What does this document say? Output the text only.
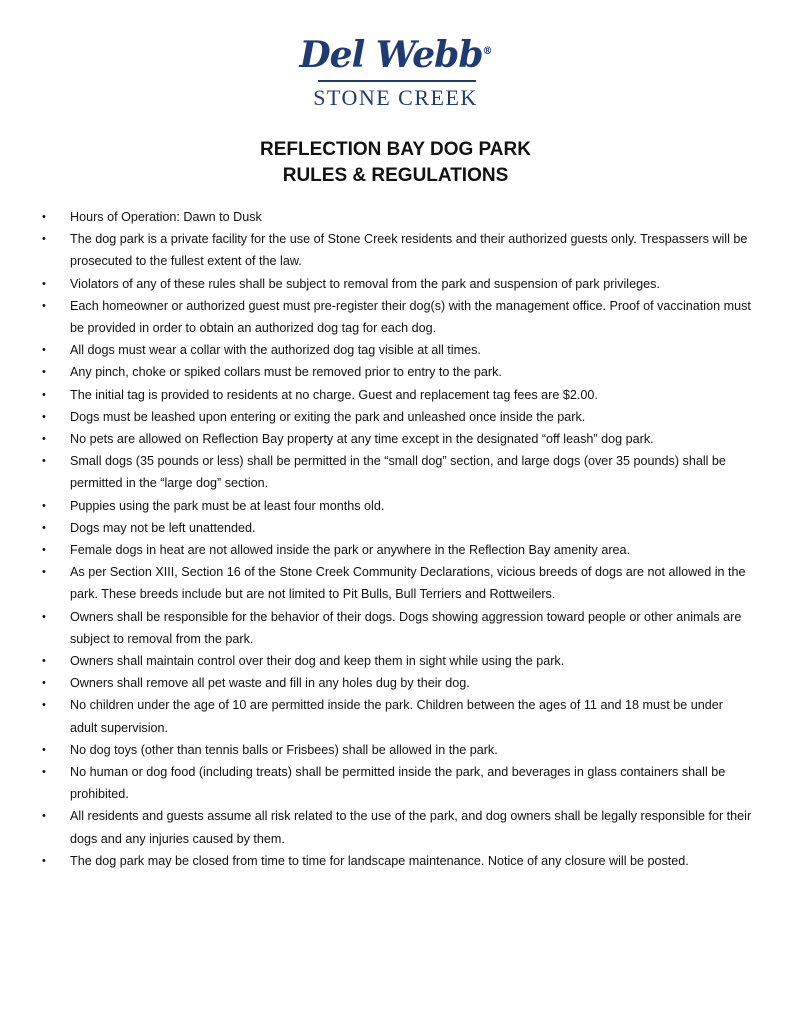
Del Webb®
STONE CREEK
REFLECTION BAY DOG PARK
RULES & REGULATIONS
• Hours of Operation: Dawn to Dusk
• The dog park is a private facility for the use of Stone Creek residents and their authorized guests only. Trespassers will be prosecuted to the fullest extent of the law.
• Violators of any of these rules shall be subject to removal from the park and suspension of park privileges.
• Each homeowner or authorized guest must pre-register their dog(s) with the management office. Proof of vaccination must be provided in order to obtain an authorized dog tag for each dog.
• All dogs must wear a collar with the authorized dog tag visible at all times.
• Any pinch, choke or spiked collars must be removed prior to entry to the park.
• The initial tag is provided to residents at no charge. Guest and replacement tag fees are $2.00.
• Dogs must be leashed upon entering or exiting the park and unleashed once inside the park.
• No pets are allowed on Reflection Bay property at any time except in the designated “off leash” dog park.
• Small dogs (35 pounds or less) shall be permitted in the “small dog” section, and large dogs (over 35 pounds) shall be permitted in the “large dog” section.
• Puppies using the park must be at least four months old.
• Dogs may not be left unattended.
• Female dogs in heat are not allowed inside the park or anywhere in the Reflection Bay amenity area.
• As per Section XIII, Section 16 of the Stone Creek Community Declarations, vicious breeds of dogs are not allowed in the park. These breeds include but are not limited to Pit Bulls, Bull Terriers and Rottweilers.
• Owners shall be responsible for the behavior of their dogs. Dogs showing aggression toward people or other animals are subject to removal from the park.
• Owners shall maintain control over their dog and keep them in sight while using the park.
• Owners shall remove all pet waste and fill in any holes dug by their dog.
• No children under the age of 10 are permitted inside the park. Children between the ages of 11 and 18 must be under adult supervision.
• No dog toys (other than tennis balls or Frisbees) shall be allowed in the park.
• No human or dog food (including treats) shall be permitted inside the park, and beverages in glass containers shall be prohibited.
• All residents and guests assume all risk related to the use of the park, and dog owners shall be legally responsible for their dogs and any injuries caused by them.
• The dog park may be closed from time to time for landscape maintenance. Notice of any closure will be posted.
